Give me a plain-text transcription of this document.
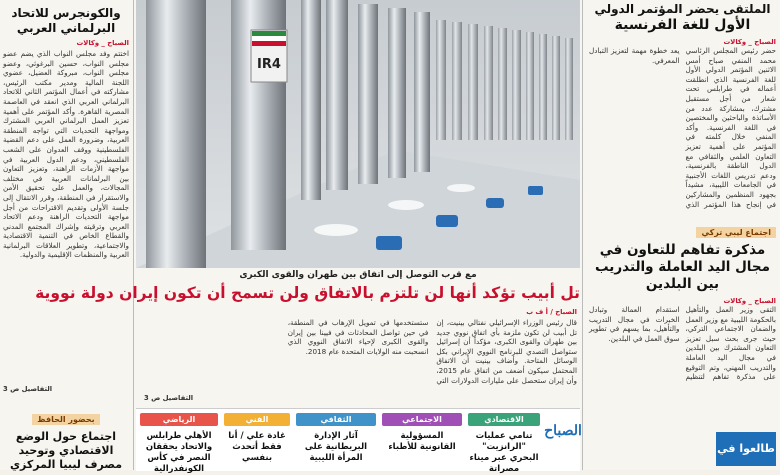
والكونجرس للاتحاد البرلماني العربي
الصباح _ وكالات
اختتم وفد مجلس النواب الذي يضم عضو مجلس النواب، حسين البرغوثي، وعضو مجلس النواب، مبروكة العضيل، عضوي اللجنة المالية ومدير مكتب الرئيس، مشاركته في أعمال المؤتمر الثاني للاتحاد البرلماني العربي الذي انعقد في العاصمة المصرية القاهرة. وأكد المؤتمر على أهمية تعزيز العمل البرلماني العربي المشترك ومواجهة التحديات التي تواجه المنطقة العربية، وضرورة العمل على دعم القضية الفلسطينية ووقف العدوان على الشعب الفلسطيني، ودعم الدول العربية في مواجهة الأزمات الراهنة، وتعزيز التعاون بين البرلمانات العربية في مختلف المجالات، والعمل على تحقيق الأمن والاستقرار في المنطقة، وقرر الانتقال إلى جلسة الأولى وتقديم الاقتراحات من أجل مواجهة التحديات الراهنة ودعم الاتحاد العربي وترقيته وإشراك المجتمع المدني والقطاع الخاص في التنمية الاقتصادية والاجتماعية، وتطوير العلاقات البرلمانية العربية والمنظمات الإقليمية والدولية.
التفاصيل ص 3
بحضور الحافظ
اجتماع حول الوضع الاقتصادي وتوحيد مصرف ليبيا المركزي
IR4
مع قرب التوصل إلى اتفاق بين طهران والقوى الكبرى
تل أبيب تؤكد أنها لن تلتزم بالاتفاق ولن تسمح أن تكون إيران دولة نووية
الصباح / أ ف ب
قال رئيس الوزراء الإسرائيلي نفتالي بينيت، إن تل أبيب لن تكون ملزمة بأي اتفاق نووي جديد بين طهران والقوى الكبرى، مؤكداً أن إسرائيل ستواصل التصدي للبرنامج النووي الإيراني بكل الوسائل المتاحة. وأضاف بينيت أن الاتفاق المحتمل سيكون أضعف من اتفاق عام 2015، وأن إيران ستحصل على مليارات الدولارات التي ستستخدمها في تمويل الإرهاب في المنطقة، في حين تواصل المحادثات في فيينا بين إيران والقوى الكبرى لإحياء الاتفاق النووي الذي انسحبت منه الولايات المتحدة عام 2018.
التفاصيل ص 3
الرياضي
الأهلي طرابلس والاتحاد يحققان النصر في كأس الكونفدرالية
الفني
غادة علي / أنا فقط أتحدث بنفسي
الثقافي
آثار الإدارة البريطانية على المرأة الليبية
الاجتماعي
المسؤولية القانونية للأطباء
الاقتصادي
تنامي عمليات "الرانزيت" البحري عبر ميناء مصراتة
الصباح
الملتقى يحضر المؤتمر الدولي
الأول للغة الفرنسية
الصباح _ وكالات
حضر رئيس المجلس الرئاسي محمد المنفي صباح أمس الاثنين المؤتمر الدولي الأول للغة الفرنسية الذي انطلقت أعماله في طرابلس تحت شعار من أجل مستقبل مشترك، بمشاركة عدد من الأساتذة والباحثين والمختصين في اللغة الفرنسية. وأكد المنفي خلال كلمته في المؤتمر على أهمية تعزيز التعاون العلمي والثقافي مع الدول الناطقة بالفرنسية، ودعم تدريس اللغات الأجنبية في الجامعات الليبية، مشيداً بجهود المنظمين والمشاركين في إنجاح هذا المؤتمر الذي يعد خطوة مهمة لتعزيز التبادل المعرفي.
اجتماع ليبي تركي
مذكرة تفاهم للتعاون في مجال اليد العاملة والتدريب بين البلدين
الصباح _ وكالات
التقى وزير العمل والتأهيل بالحكومة الليبية مع وزير العمل والضمان الاجتماعي التركي، حيث جرى بحث سبل تعزيز التعاون المشترك بين البلدين في مجال اليد العاملة والتدريب المهني، وتم التوقيع على مذكرة تفاهم لتنظيم استقدام العمالة وتبادل الخبرات في مجال التدريب والتأهيل، بما يسهم في تطوير سوق العمل في البلدين.
طالعوا في
